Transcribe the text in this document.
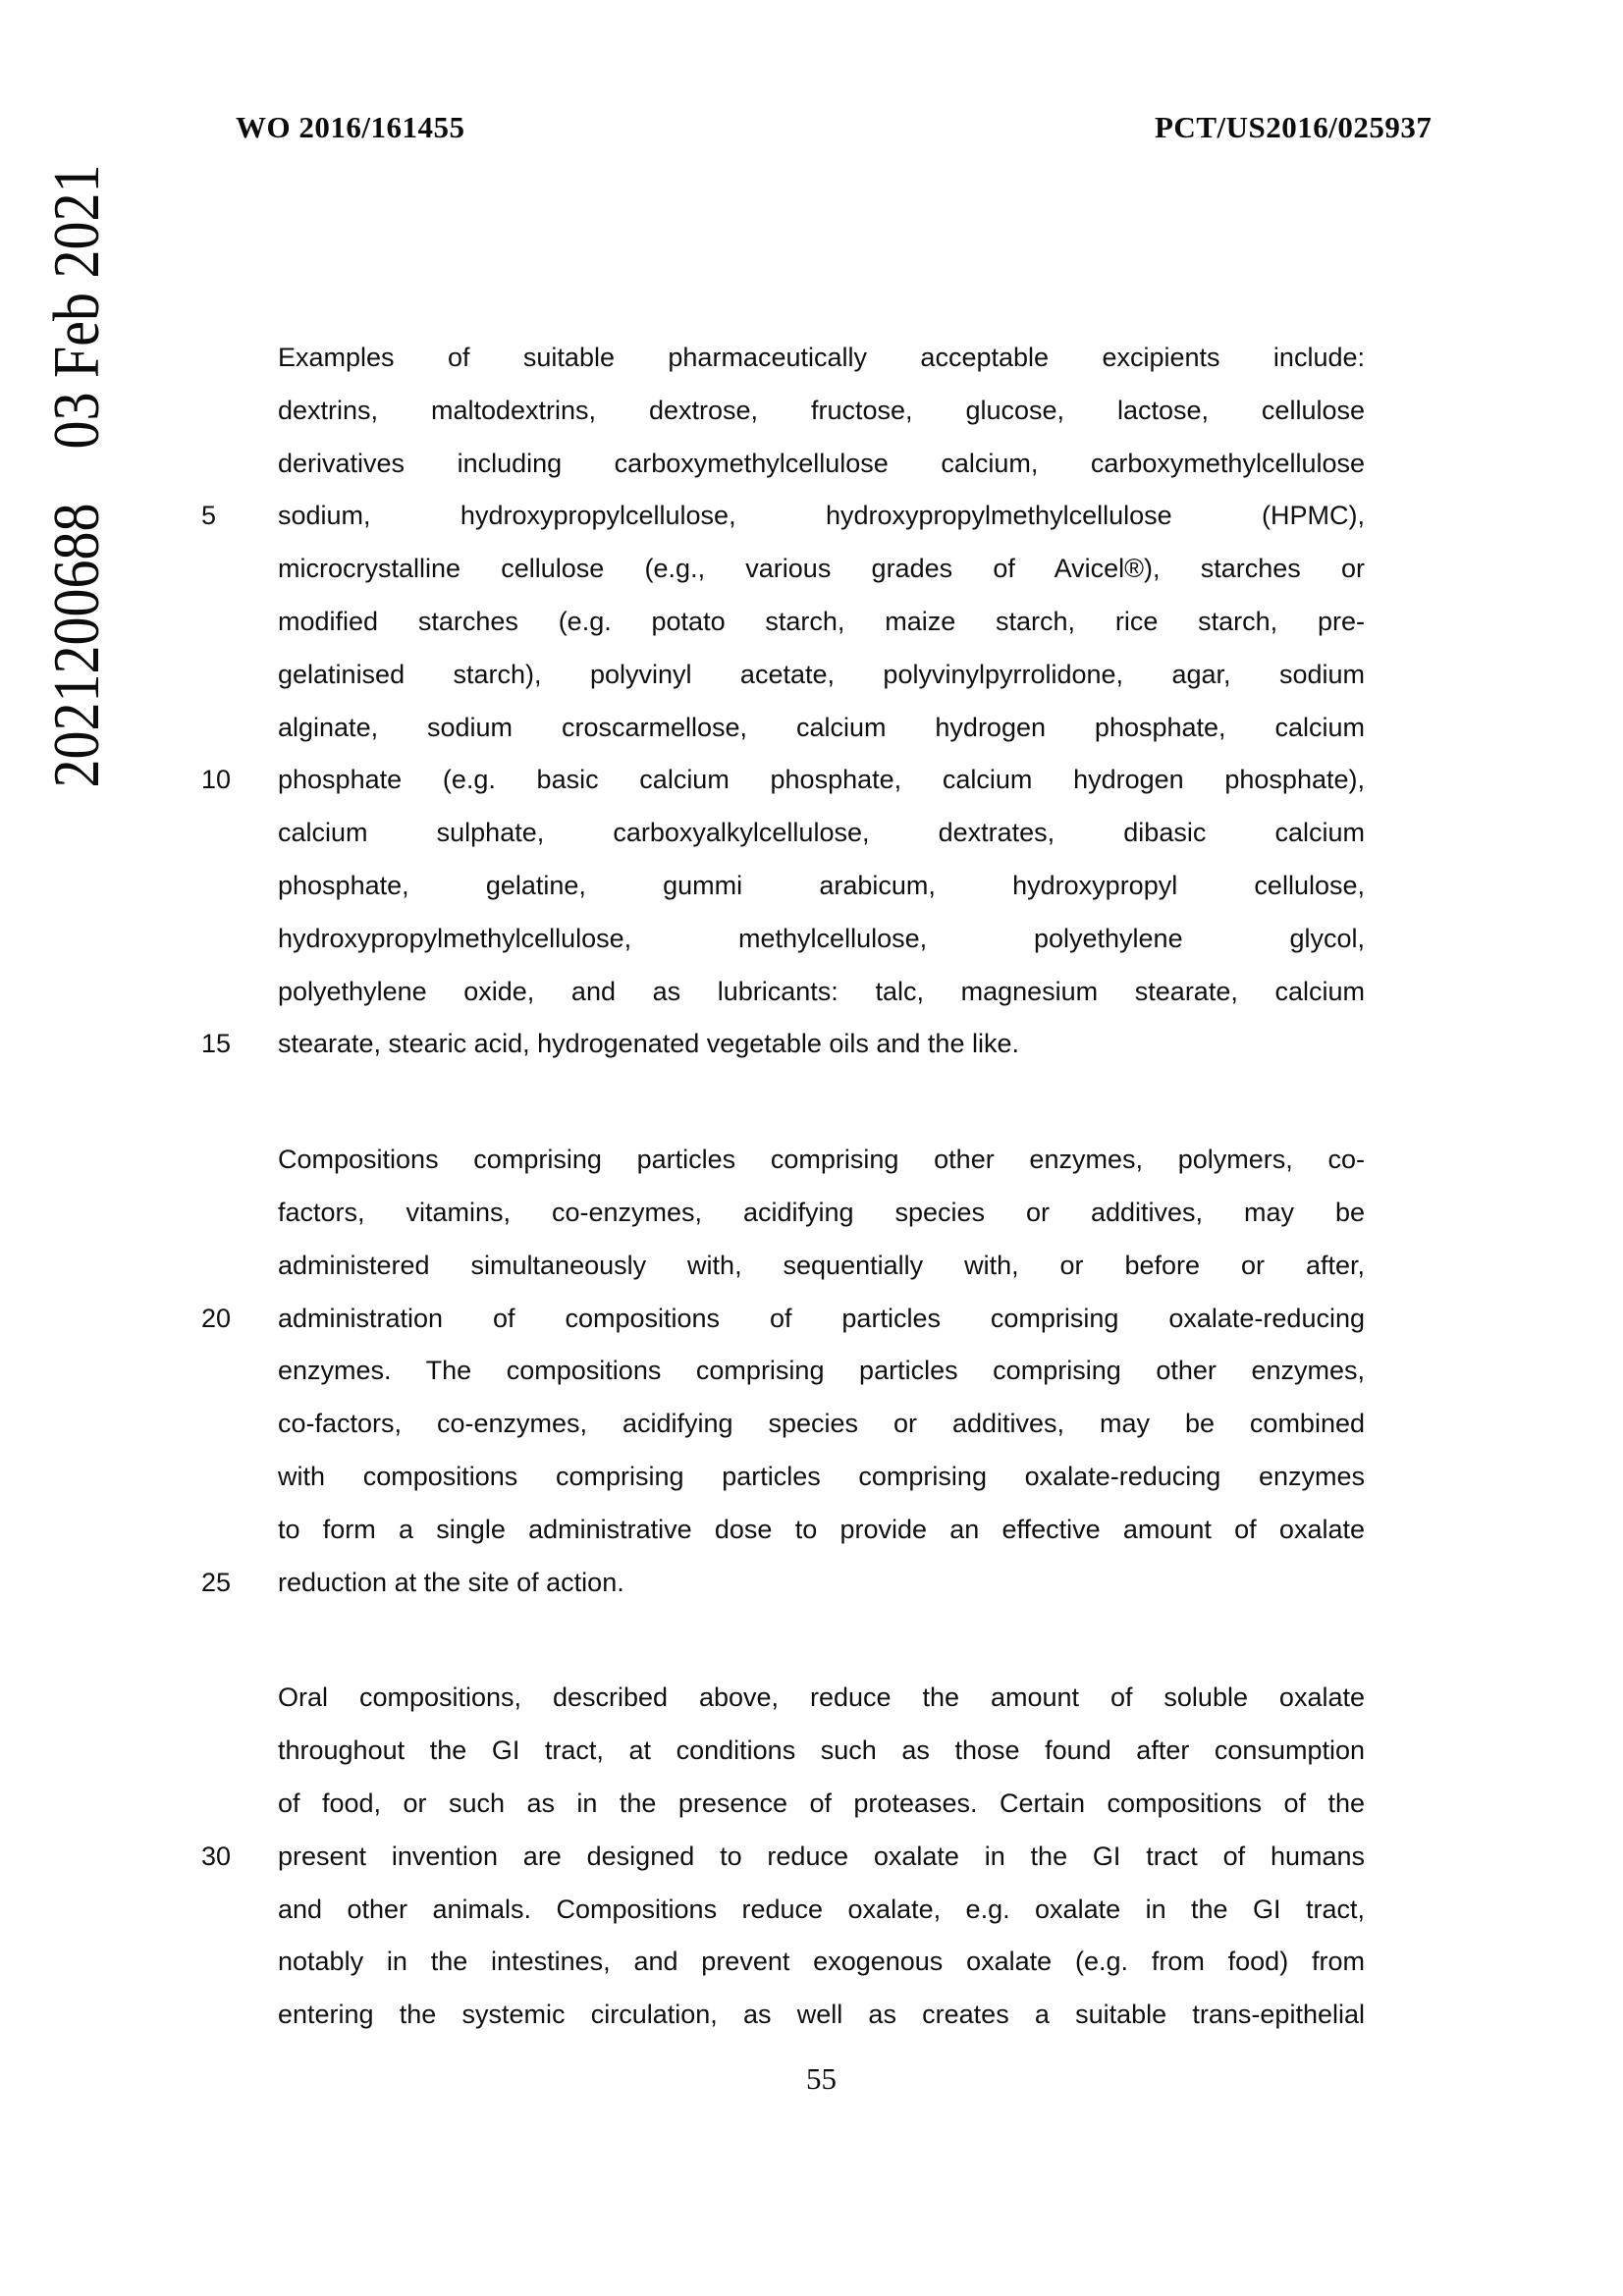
WO 2016/161455	PCT/US2016/025937
2021200688
03 Feb 2021	Examples of suitable pharmaceutically acceptable excipients include:
dextrins, maltodextrins, dextrose, fructose, glucose, lactose, cellulose
derivatives including carboxymethylcellulose calcium, carboxymethylcellulose
5	sodium, hydroxypropylcellulose, hydroxypropylmethylcellulose (HPMC),
microcrystalline cellulose (e.g., various grades of Avicel®), starches or
modified starches (e.g. potato starch, maize starch, rice starch, pre-
gelatinised starch), polyvinyl acetate, polyvinylpyrrolidone, agar, sodium
alginate, sodium croscarmellose, calcium hydrogen phosphate, calcium
10 phosphate (e.g. basic calcium phosphate, calcium hydrogen phosphate),
calcium sulphate, carboxyalkylcellulose, dextrates, dibasic calcium
phosphate, gelatine, gummi arabicum, hydroxypropyl cellulose,
hydroxypropylmethylcellulose, methylcellulose, polyethylene glycol,
polyethylene oxide, and as lubricants: talc, magnesium stearate, calcium
15 stearate, stearic acid, hydrogenated vegetable oils and the like.
Compositions comprising particles comprising other enzymes, polymers, co-
factors, vitamins, co-enzymes, acidifying species or additives, may be
administered simultaneously with, sequentially with, or before or after,
20 administration of compositions of particles comprising oxalate-reducing
enzymes. The compositions comprising particles comprising other enzymes,
co-factors, co-enzymes, acidifying species or additives, may be combined
with compositions comprising particles comprising oxalate-reducing enzymes
to form a single administrative dose to provide an effective amount of oxalate
25 reduction at the site of action.
Oral compositions, described above, reduce the amount of soluble oxalate
throughout the GI tract, at conditions such as those found after consumption
of food, or such as in the presence of proteases. Certain compositions of the
30 present invention are designed to reduce oxalate in the GI tract of humans
and other animals. Compositions reduce oxalate, e.g. oxalate in the GI tract,
notably in the intestines, and prevent exogenous oxalate (e.g. from food) from
entering the systemic circulation, as well as creates a suitable trans-epithelial
55
